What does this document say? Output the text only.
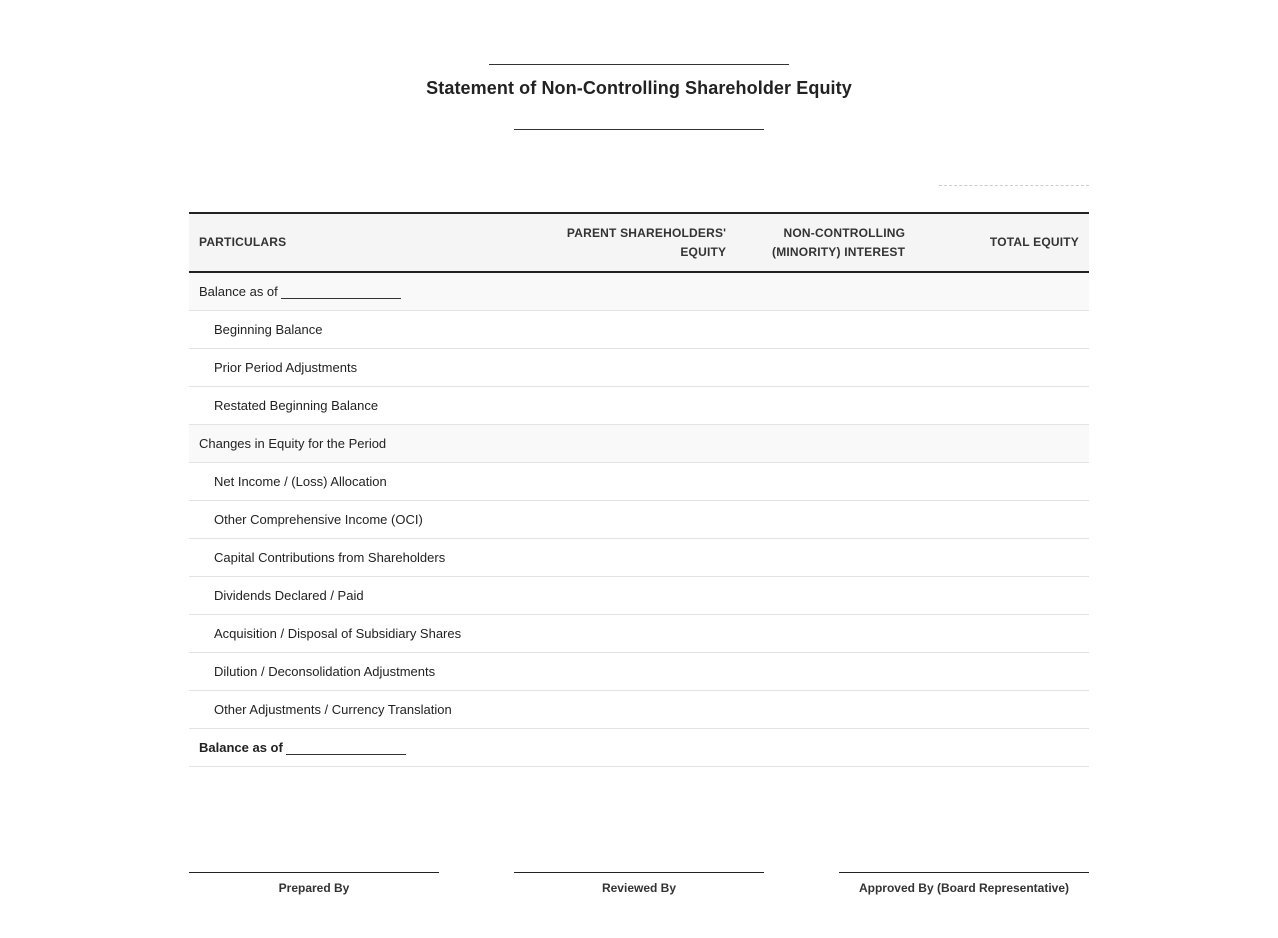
Statement of Non-Controlling Shareholder Equity
PARTICULARS	PARENT SHAREHOLDERS' EQUITY	NON-CONTROLLING (MINORITY) INTEREST	TOTAL EQUITY
Balance as of			
Beginning Balance			
Prior Period Adjustments			
Restated Beginning Balance			
Changes in Equity for the Period			
Net Income / (Loss) Allocation			
Other Comprehensive Income (OCI)			
Capital Contributions from Shareholders			
Dividends Declared / Paid			
Acquisition / Disposal of Subsidiary Shares			
Dilution / Deconsolidation Adjustments			
Other Adjustments / Currency Translation			
Balance as of			
Prepared By	Reviewed By	Approved By (Board Representative)
